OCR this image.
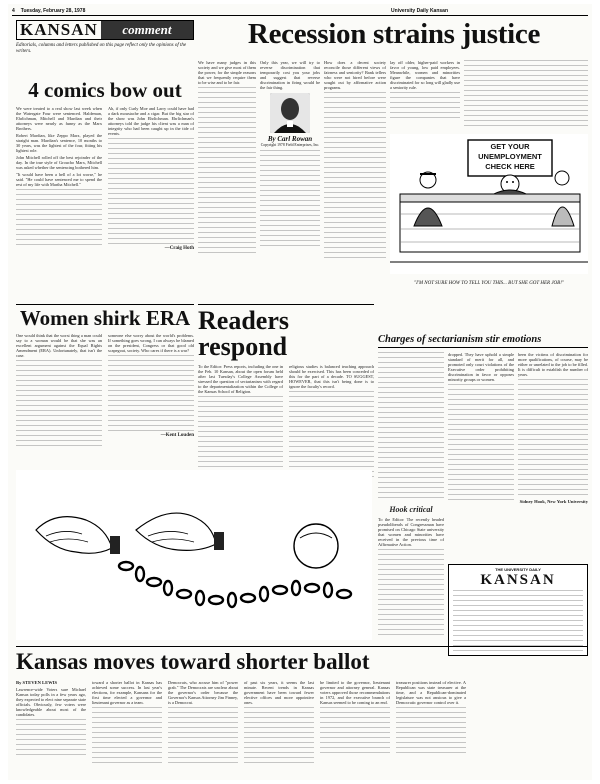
4 Tuesday, February 28, 1978	University Daily Kansan
KANSAN	comment
Editorials, columns and letters published on this page reflect only the opinions of the writers.
4 comics bow out

We were treated to a real show last week when the Watergate Four were sentenced. Haldeman, Ehrlichman, Mitchell and Mardian and their attorneys were nearly as funny as the Marx Brothers.

Robert Mardian, like Zeppo Marx, played the straight man. Mardian's sentence, 10 months to 30 years, was the lightest of the four, fitting his lightest role.

John Mitchell rolled off the best rejoinder of the day. In the true style of Groucho Marx, Mitchell was asked whether the sentencing bothered him.

"It would have been a hell of a lot worse," he said. "He could have sentenced me to spend the rest of my life with Martha Mitchell."

Ah, if only Curly Moe and Larry could have had a dark moustache and a cigar. But the big star of the show was John Ehrlichman. Ehrlichman's attorneys told the judge his client was a man of integrity who had been caught up in the tide of events.

—Craig Hoth
Recession strains justice

We have many judges in this society and we give most of them the power, for the simple reasons that we frequently require them to be wise and to be fair.

Only this year, we will try to reverse discrimination that temporarily cost you your jobs and suggest that reverse discrimination in firing would be the fair thing.

By Carl Rowan
Copyright 1978 Field Enterprises, Inc.

How does a decent society reconcile those different views of fairness and seniority? Bank tellers who were not hired before were sought out by affirmative action programs.

lay off older, higher-paid workers in favor of young, low paid employees. Meanwhile, women and minorities figure the companies that have discriminated for so long will gladly use a seniority rule.

GET YOUR
UNEMPLOYMENT
CHECK HERE
"I'M NOT SURE HOW TO TELL YOU THIS... BUT SHE GOT HER JOB!"
Women shirk ERA

One would think that the worst thing a man could say to a woman would be that she was an excellent argument against the Equal Rights Amendment (ERA). Unfortunately, that isn't the case.

someone else worry about the world's problems. If something goes wrong, I can always be blamed on the president, Congress or that good old scapegoat, society. Who cares if there is a war?

—Kent Louden
Readers respond

To the Editor: Press reports, including the one in the Feb. 10 Kansan, about the open forum held after last Tuesday's College Assembly have stressed the question of sectarianism with regard to the departmentalization within the College of the Kansas School of Religion.

religious studies is balanced teaching approach should be exercised. This has been conceded of this for the part of a decade. TO SUGGEST, HOWEVER, that this isn't being done is to ignore the faculty's record.

Charges of sectarianism stir emotions
Hook critical

To the Editor: The recently headed pseudoliberals of Congressman have promised on Chicago State university that women and minorities have received in the previous time of Affirmative Action.

dropped. They have uphold a simple standard of merit for all, and promoted only court violations of the Executive order prohibiting discrimination in favor or opposes minority groups or women.

been the victims of discrimination for more qualifications, of course, may be either or unrelated to the job to be filled. It is difficult to establish the number of years.

Sidney Hook, New York University
THE UNIVERSITY DAILY
KANSAN
Kansas moves toward shorter ballot
By STEVEN LEWIS

Lawrence-wide Voters sure Michael Kansas today polls in a few years ago, they expected to elect nine separate state officials. Obviously, few voters were knowledgeable about most of the candidates.

toward a shorter ballot in Kansas has achieved some success. In last year's elections, for example, Kansans for the first time elected a governor and lieutenant governor as a team.

Democrats, who accuse him of "power grab." The Democrats are unclear about the governor's order because the Governor's Kansas Attorney Jim Finney, is a Democrat.

of past six years, it seems the last minute. Recent trends in Kansas government have been toward fewer elective offices and more appointive ones.

be limited to the governor, lieutenant governor and attorney general. Kansas voters approved those recommendations in 1972, and the executive branch of Kansas seemed to be coming to an end.

treasurer positions instead of elective. A Republican was state treasurer at the time, and a Republican-dominated legislature was not anxious to give a Democratic governor control over it.
